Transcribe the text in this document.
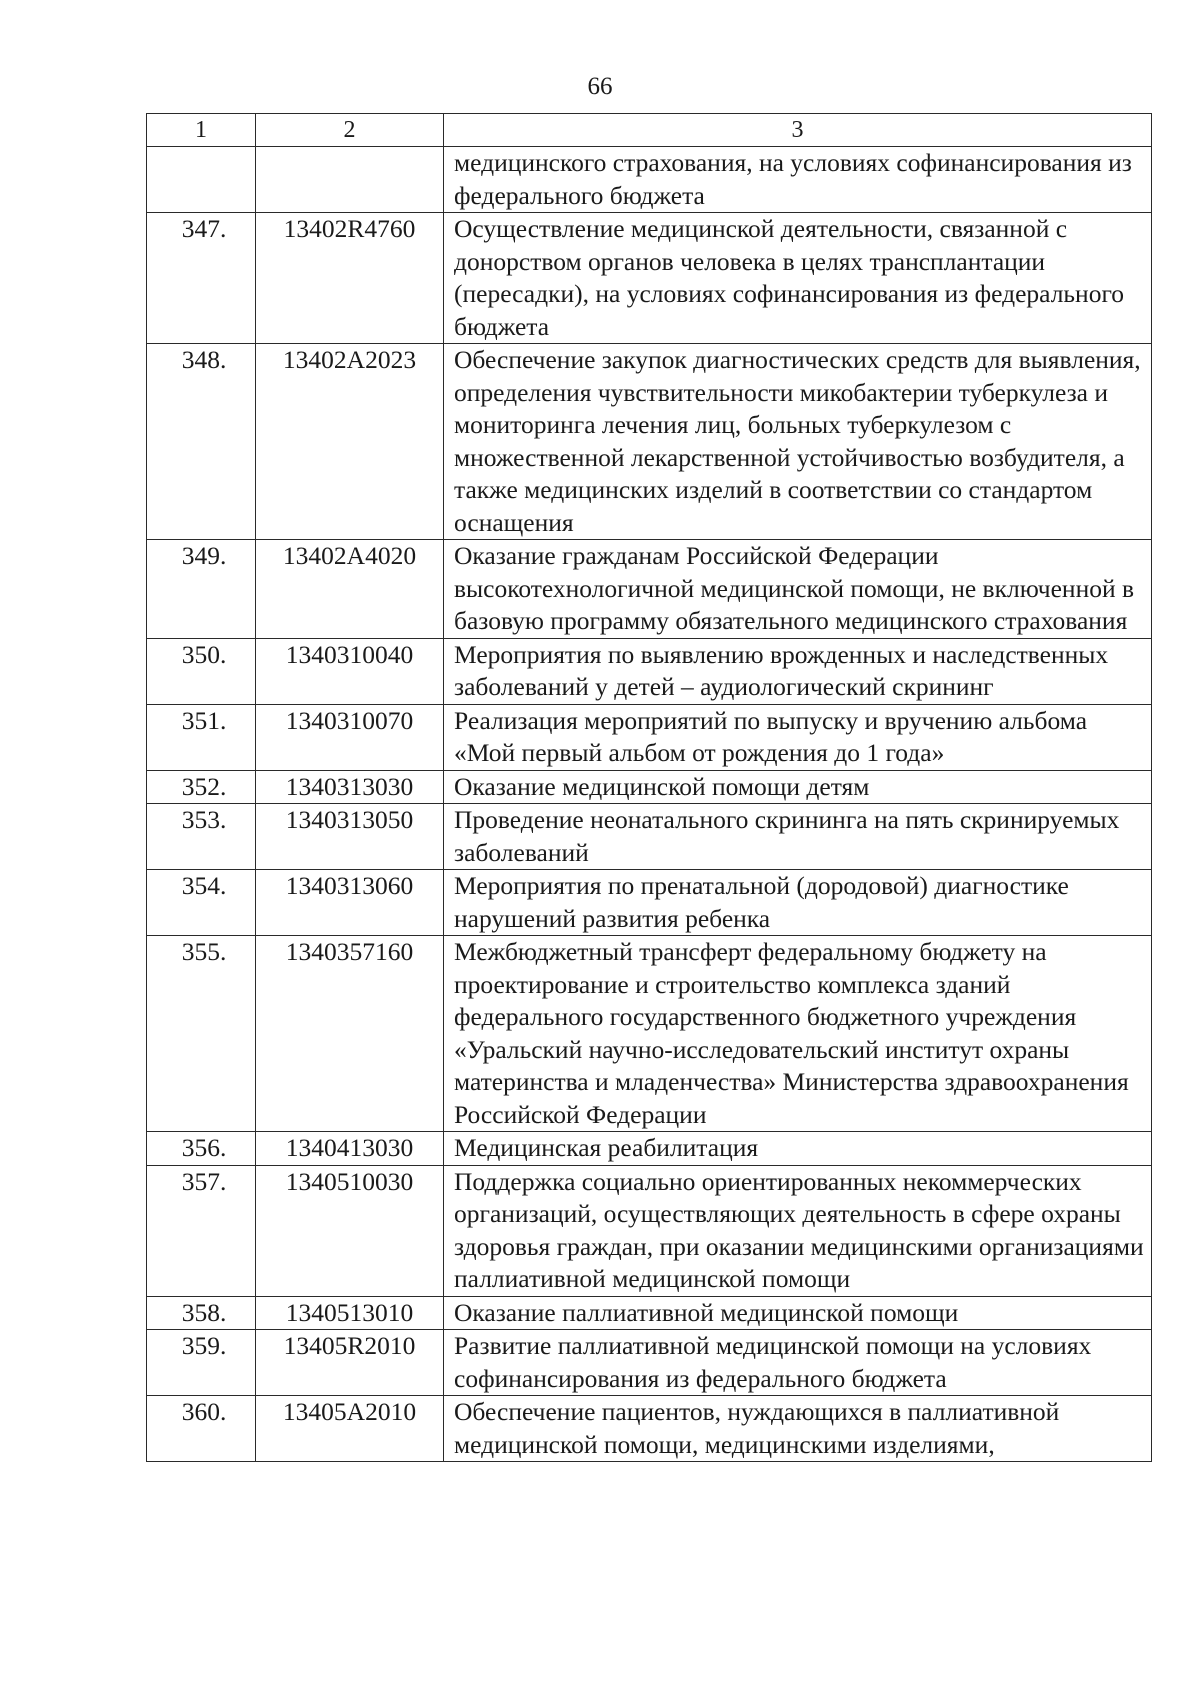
66
1	2	3
		медицинского страхования, на условиях софинансирования из федерального бюджета
347.	13402R4760	Осуществление медицинской деятельности, связанной с донорством органов человека в целях трансплантации (пересадки), на условиях софинансирования из федерального бюджета
348.	13402A2023	Обеспечение закупок диагностических средств для выявления, определения чувствительности микобактерии туберкулеза и мониторинга лечения лиц, больных туберкулезом с множественной лекарственной устойчивостью возбудителя, а также медицинских изделий в соответствии со стандартом оснащения
349.	13402A4020	Оказание гражданам Российской Федерации высокотехнологичной медицинской помощи, не включенной в базовую программу обязательного медицинского страхования
350.	1340310040	Мероприятия по выявлению врожденных и наследственных заболеваний у детей – аудиологический скрининг
351.	1340310070	Реализация мероприятий по выпуску и вручению альбома «Мой первый альбом от рождения до 1 года»
352.	1340313030	Оказание медицинской помощи детям
353.	1340313050	Проведение неонатального скрининга на пять скринируемых заболеваний
354.	1340313060	Мероприятия по пренатальной (дородовой) диагностике нарушений развития ребенка
355.	1340357160	Межбюджетный трансферт федеральному бюджету на проектирование и строительство комплекса зданий федерального государственного бюджетного учреждения «Уральский научно-исследовательский институт охраны материнства и младенчества» Министерства здравоохранения Российской Федерации
356.	1340413030	Медицинская реабилитация
357.	1340510030	Поддержка социально ориентированных некоммерческих организаций, осуществляющих деятельность в сфере охраны здоровья граждан, при оказании медицинскими организациями паллиативной медицинской помощи
358.	1340513010	Оказание паллиативной медицинской помощи
359.	13405R2010	Развитие паллиативной медицинской помощи на условиях софинансирования из федерального бюджета
360.	13405A2010	Обеспечение пациентов, нуждающихся в паллиативной медицинской помощи, медицинскими изделиями,
